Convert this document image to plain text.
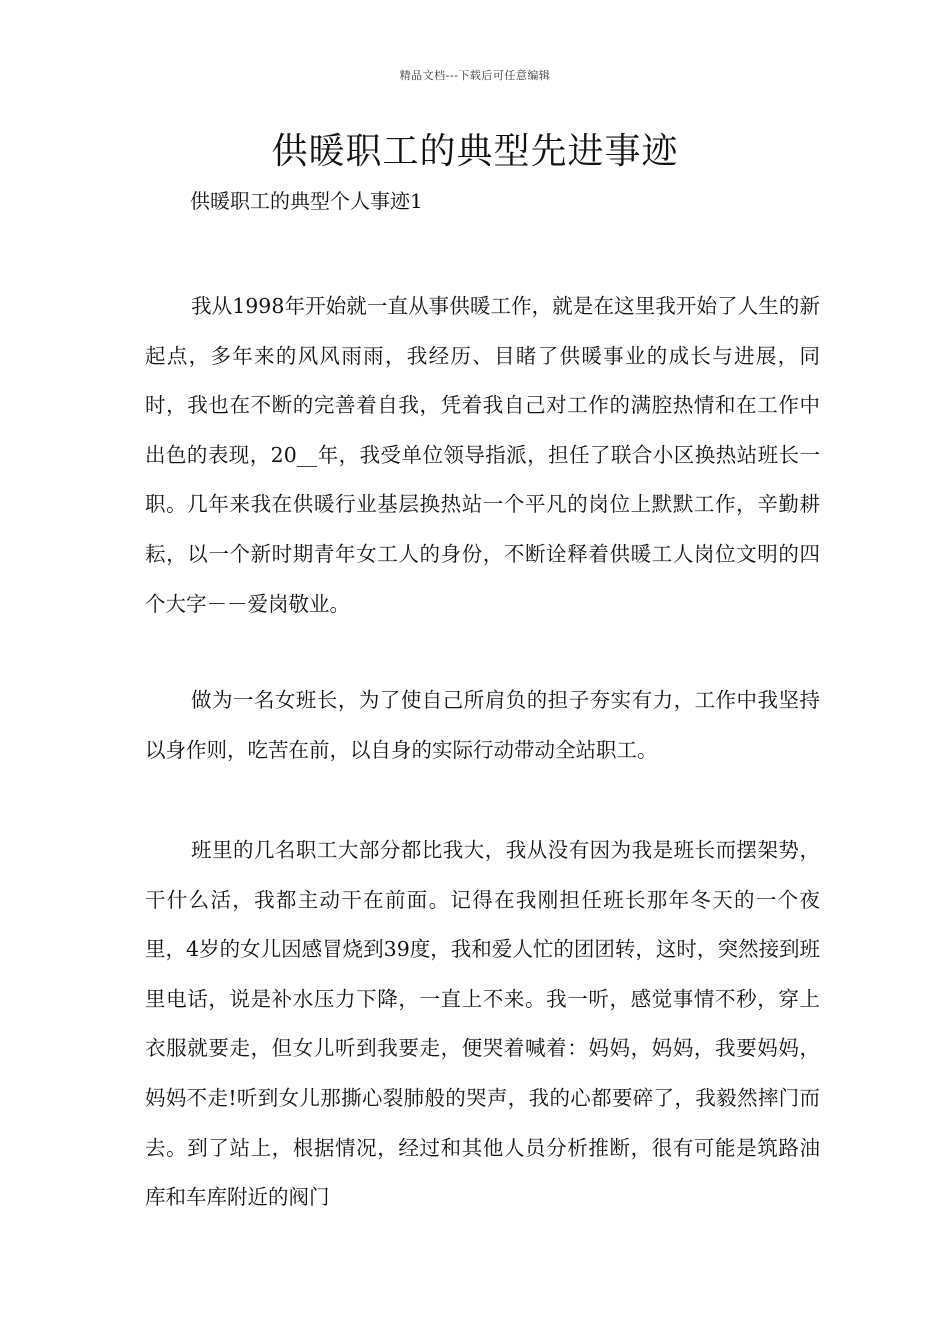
精品文档---下载后可任意编辑
供暖职工的典型先进事迹

供暖职工的典型个人事迹1

我从1998年开始就一直从事供暖工作，就是在这里我开始了人生的新起点，多年来的风风雨雨，我经历、目睹了供暖事业的成长与进展，同时，我也在不断的完善着自我，凭着我自己对工作的满腔热情和在工作中出色的表现，20__年，我受单位领导指派，担任了联合小区换热站班长一职。几年来我在供暖行业基层换热站一个平凡的岗位上默默工作，辛勤耕耘，以一个新时期青年女工人的身份，不断诠释着供暖工人岗位文明的四个大字－－爱岗敬业。

做为一名女班长，为了使自己所肩负的担子夯实有力，工作中我坚持以身作则，吃苦在前，以自身的实际行动带动全站职工。

班里的几名职工大部分都比我大，我从没有因为我是班长而摆架势，干什么活，我都主动干在前面。记得在我刚担任班长那年冬天的一个夜里，4岁的女儿因感冒烧到39度，我和爱人忙的团团转，这时，突然接到班里电话，说是补水压力下降，一直上不来。我一听，感觉事情不秒，穿上衣服就要走，但女儿听到我要走，便哭着喊着：妈妈，妈妈，我要妈妈，妈妈不走!听到女儿那撕心裂肺般的哭声，我的心都要碎了，我毅然摔门而去。到了站上，根据情况，经过和其他人员分析推断，很有可能是筑路油库和车库附近的阀门
